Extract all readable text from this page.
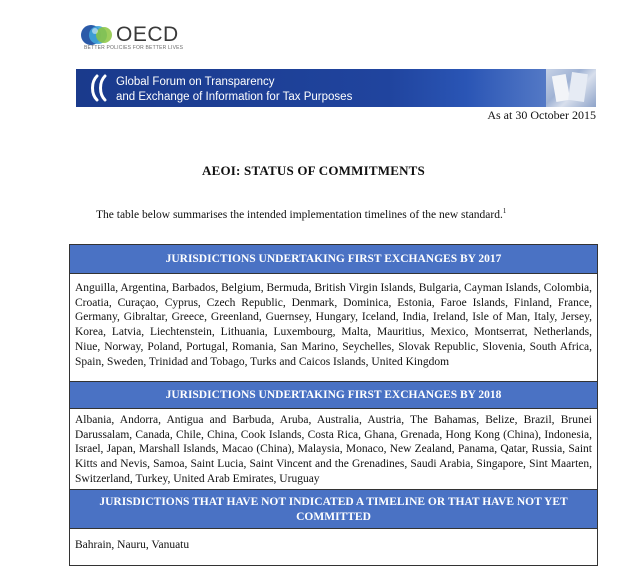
OECD
BETTER POLICIES FOR BETTER LIVES
Global Forum on Transparency
and Exchange of Information for Tax Purposes
As at 30 October 2015
AEOI: STATUS OF COMMITMENTS
The table below summarises the intended implementation timelines of the new standard.$^1$
JURISDICTIONS UNDERTAKING FIRST EXCHANGES BY 2017
Anguilla, Argentina, Barbados, Belgium, Bermuda, British Virgin Islands, Bulgaria, Cayman Islands, Colombia, Croatia, Curaçao, Cyprus, Czech Republic, Denmark, Dominica, Estonia, Faroe Islands, Finland, France, Germany, Gibraltar, Greece, Greenland, Guernsey, Hungary, Iceland, India, Ireland, Isle of Man, Italy, Jersey, Korea, Latvia, Liechtenstein, Lithuania, Luxembourg, Malta, Mauritius, Mexico, Montserrat, Netherlands, Niue, Norway, Poland, Portugal, Romania, San Marino, Seychelles, Slovak Republic, Slovenia, South Africa, Spain, Sweden, Trinidad and Tobago, Turks and Caicos Islands, United Kingdom
JURISDICTIONS UNDERTAKING FIRST EXCHANGES BY 2018
Albania, Andorra, Antigua and Barbuda, Aruba, Australia, Austria, The Bahamas, Belize, Brazil, Brunei Darussalam, Canada, Chile, China, Cook Islands, Costa Rica, Ghana, Grenada, Hong Kong (China), Indonesia, Israel, Japan, Marshall Islands, Macao (China), Malaysia, Monaco, New Zealand, Panama, Qatar, Russia, Saint Kitts and Nevis, Samoa, Saint Lucia, Saint Vincent and the Grenadines, Saudi Arabia, Singapore, Sint Maarten, Switzerland, Turkey, United Arab Emirates, Uruguay
JURISDICTIONS THAT HAVE NOT INDICATED A TIMELINE OR THAT HAVE NOT YET COMMITTED
Bahrain, Nauru, Vanuatu
